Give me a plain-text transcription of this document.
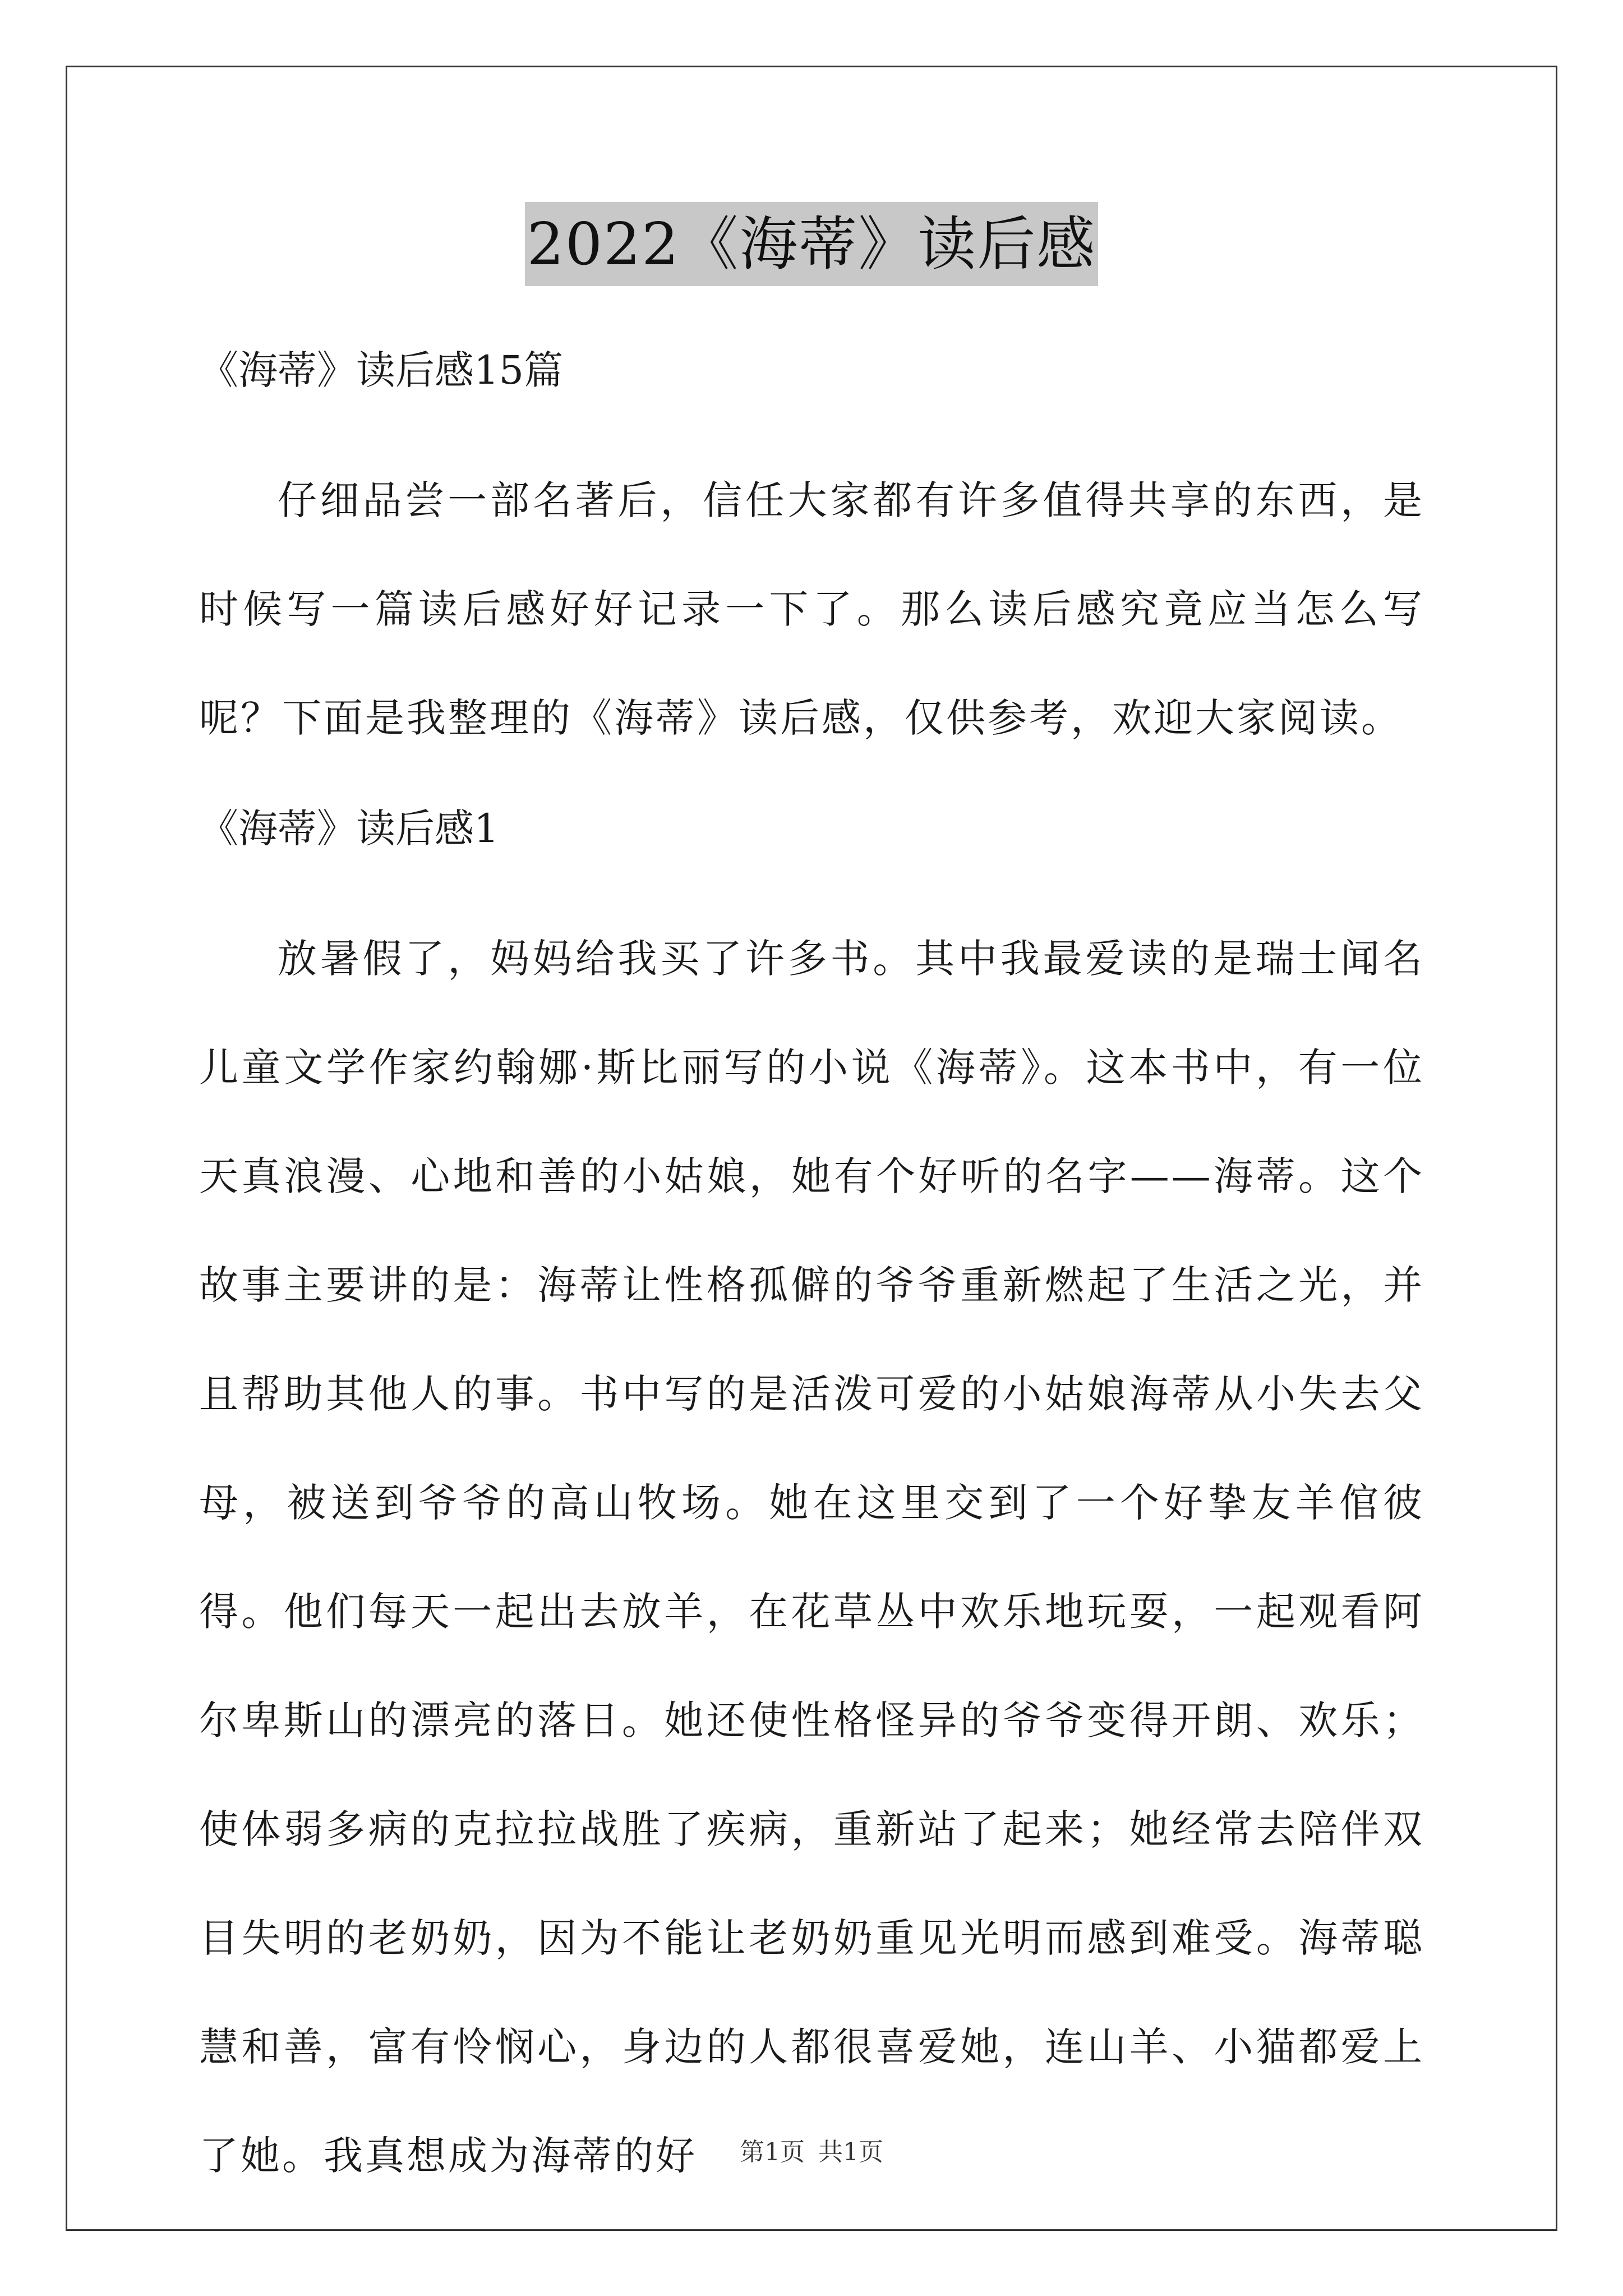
2022《海蒂》读后感

《海蒂》读后感15篇

仔细品尝一部名著后，信任大家都有许多值得共享的东西，是时候写一篇读后感好好记录一下了。那么读后感究竟应当怎么写呢？下面是我整理的《海蒂》读后感，仅供参考，欢迎大家阅读。

《海蒂》读后感1

放暑假了，妈妈给我买了许多书。其中我最爱读的是瑞士闻名儿童文学作家约翰娜·斯比丽写的小说《海蒂》。这本书中，有一位天真浪漫、心地和善的小姑娘，她有个好听的名字——海蒂。这个故事主要讲的是：海蒂让性格孤僻的爷爷重新燃起了生活之光，并且帮助其他人的事。书中写的是活泼可爱的小姑娘海蒂从小失去父母，被送到爷爷的高山牧场。她在这里交到了一个好挚友羊倌彼得。他们每天一起出去放羊，在花草丛中欢乐地玩耍，一起观看阿尔卑斯山的漂亮的落日。她还使性格怪异的爷爷变得开朗、欢乐；使体弱多病的克拉拉战胜了疾病，重新站了起来；她经常去陪伴双目失明的老奶奶，因为不能让老奶奶重见光明而感到难受。海蒂聪慧和善，富有怜悯心，身边的人都很喜爱她，连山羊、小猫都爱上了她。我真想成为海蒂的好	第1页 共1页
